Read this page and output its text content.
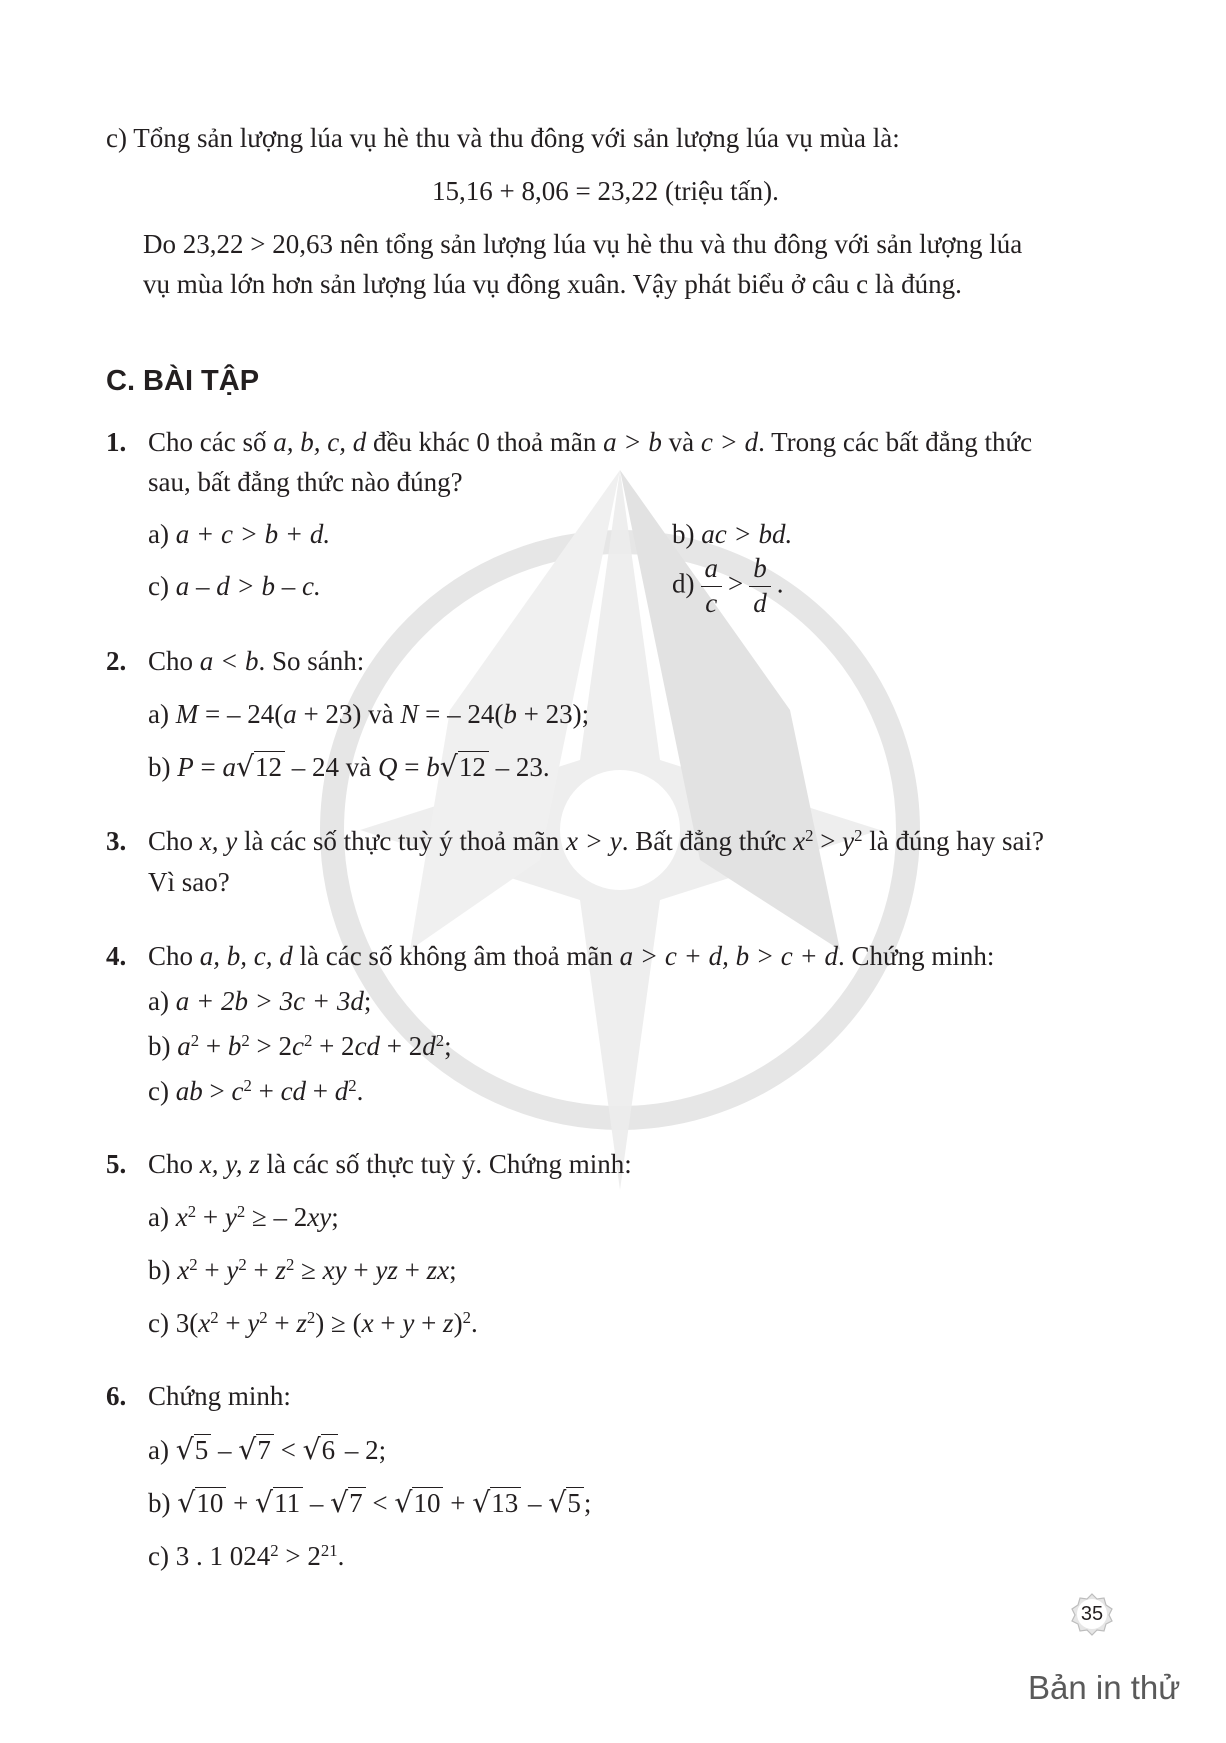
c) Tổng sản lượng lúa vụ hè thu và thu đông với sản lượng lúa vụ mùa là:
15,16 + 8,06 = 23,22 (triệu tấn).
Do 23,22 > 20,63 nên tổng sản lượng lúa vụ hè thu và thu đông với sản lượng lúa
vụ mùa lớn hơn sản lượng lúa vụ đông xuân. Vậy phát biểu ở câu c là đúng.
C. BÀI TẬP
1. Cho các số a, b, c, d đều khác 0 thoả mãn a > b và c > d. Trong các bất đẳng thức
sau, bất đẳng thức nào đúng?
a) a + c > b + d.	b) ac > bd.
c) a – d > b – c.	$d) \frac{a}{c} > \frac{b}{d}$ .
2. Cho a < b. So sánh:
a) M = – 24(a + 23) và N = – 24(b + 23);
b) P = a√12 – 24 và Q = b√12 – 23.
3. Cho x, y là các số thực tuỳ ý thoả mãn x > y. Bất đẳng thức $x^2 > y^2$ là đúng hay sai?
Vì sao?
4. Cho a, b, c, d là các số không âm thoả mãn a > c + d, b > c + d. Chứng minh:
a) a + 2b > 3c + 3d;
b) $a^2 + b^2 > 2c^2 + 2cd + 2d^2$;
c) ab > $c^2$ + cd + $d^2$.
5. Cho x, y, z là các số thực tuỳ ý. Chứng minh:
a) $x^2 + y^2$ ≥ – 2xy;
b) $x^2 + y^2 + z^2$ ≥ xy + yz + zx;
c) $3(x^2 + y^2 + z^2) \ge (x + y + z)^2$.
6. Chứng minh:
a) √5 – √7 < √6 – 2;
b) √10 + √11 – √7 < √10 + √13 – √5 ;
c) 3 . 1 $024^2 > 2^{21}$.
35
Bản in thử
